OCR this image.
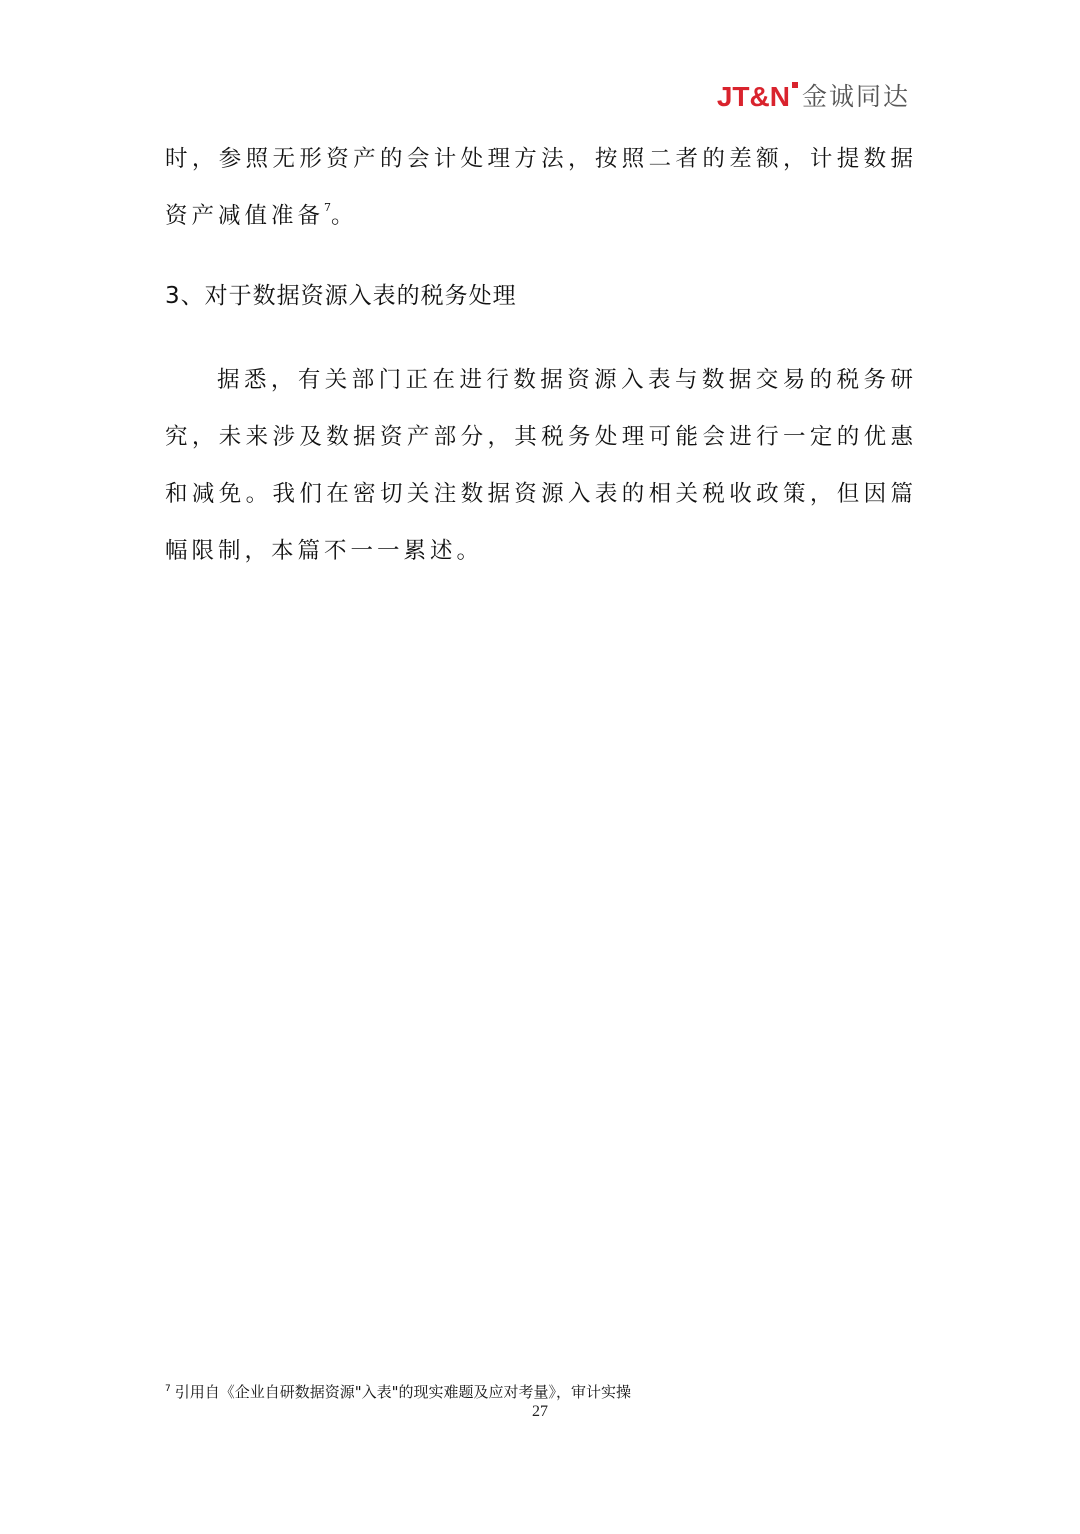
JT&N 金诚同达

时，参照无形资产的会计处理方法，按照二者的差额，计提数据资产减值准备$^7$。

3、对于数据资源入表的税务处理

据悉，有关部门正在进行数据资源入表与数据交易的税务研究，未来涉及数据资产部分，其税务处理可能会进行一定的优惠和减免。我们在密切关注数据资源入表的相关税收政策，但因篇幅限制，本篇不一一累述。

$^7$ 引用自《企业自研数据资源"入表"的现实难题及应对考量》，审计实操
27
